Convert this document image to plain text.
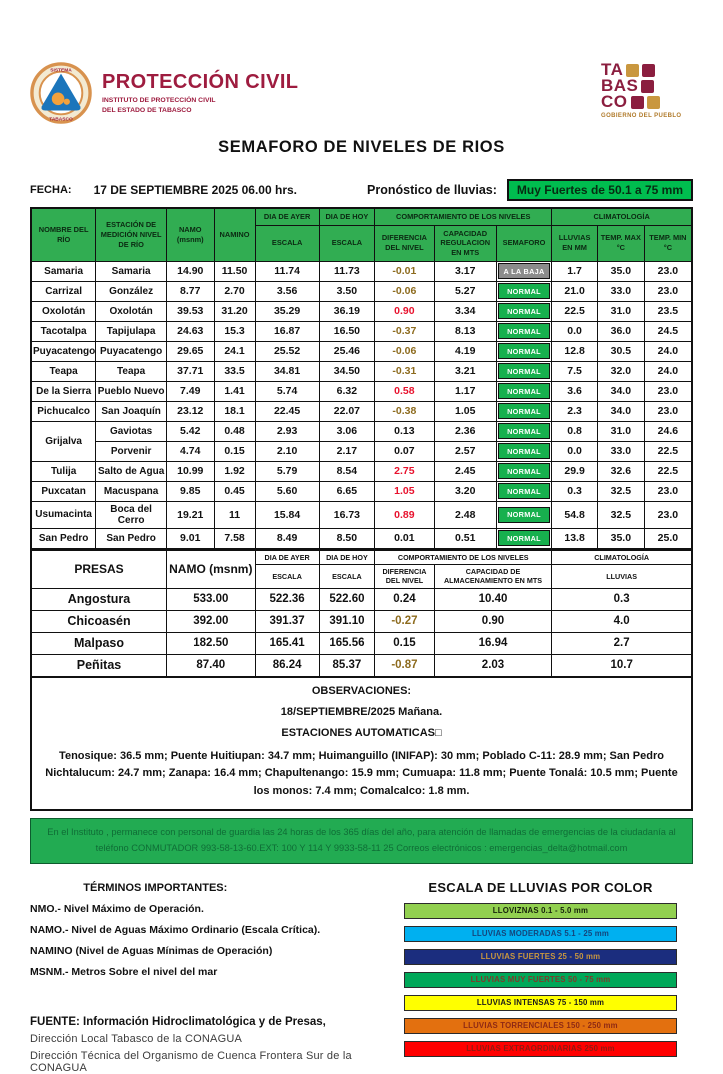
SISTEMA
TABASCO
PROTECCIÓN CIVIL
INSTITUTO DE PROTECCIÓN CIVIL
DEL ESTADO DE TABASCO
TA
BAS
CO
GOBIERNO DEL PUEBLO
SEMAFORO DE NIVELES DE RIOS
FECHA: 17 DE SEPTIEMBRE 2025 06.00 hrs.	Pronóstico de lluvias:	Muy Fuertes de 50.1 a 75 mm
NOMBRE DEL RÍO	ESTACIÓN DE MEDICIÓN NIVEL DE RÍO	NAMO (msnm)	NAMINO	DIA DE AYER	DIA DE HOY	COMPORTAMIENTO DE LOS NIVELES			CLIMATOLOGÍA		
				ESCALA	ESCALA	DIFERENCIA DEL NIVEL	CAPACIDAD REGULACION EN MTS	SEMAFORO	LLUVIAS EN MM	TEMP. MAX °C	TEMP. MIN °C
Samaria	Samaria	14.90	11.50	11.74	11.73	-0.01	3.17	A LA BAJA	1.7	35.0	23.0
Carrizal	González	8.77	2.70	3.56	3.50	-0.06	5.27	NORMAL	21.0	33.0	23.0
Oxolotán	Oxolotán	39.53	31.20	35.29	36.19	0.90	3.34	NORMAL	22.5	31.0	23.5
Tacotalpa	Tapijulapa	24.63	15.3	16.87	16.50	-0.37	8.13	NORMAL	0.0	36.0	24.5
Puyacatengo	Puyacatengo	29.65	24.1	25.52	25.46	-0.06	4.19	NORMAL	12.8	30.5	24.0
Teapa	Teapa	37.71	33.5	34.81	34.50	-0.31	3.21	NORMAL	7.5	32.0	24.0
De la Sierra	Pueblo Nuevo	7.49	1.41	5.74	6.32	0.58	1.17	NORMAL	3.6	34.0	23.0
Pichucalco	San Joaquín	23.12	18.1	22.45	22.07	-0.38	1.05	NORMAL	2.3	34.0	23.0
Grijalva	Gaviotas	5.42	0.48	2.93	3.06	0.13	2.36	NORMAL	0.8	31.0	24.6
	Porvenir	4.74	0.15	2.10	2.17	0.07	2.57	NORMAL	0.0	33.0	22.5
Tulija	Salto de Agua	10.99	1.92	5.79	8.54	2.75	2.45	NORMAL	29.9	32.6	22.5
Puxcatan	Macuspana	9.85	0.45	5.60	6.65	1.05	3.20	NORMAL	0.3	32.5	23.0
Usumacinta	Boca del Cerro	19.21	11	15.84	16.73	0.89	2.48	NORMAL	54.8	32.5	23.0
San Pedro	San Pedro	9.01	7.58	8.49	8.50	0.01	0.51	NORMAL	13.8	35.0	25.0
PRESAS	NAMO (msnm)	DIA DE AYER	DIA DE HOY	COMPORTAMIENTO DE LOS NIVELES		CLIMATOLOGÍA
		ESCALA	ESCALA	DIFERENCIA DEL NIVEL	CAPACIDAD DE ALMACENAMIENTO EN MTS	LLUVIAS
Angostura	533.00	522.36	522.60	0.24	10.40	0.3
Chicoasén	392.00	391.37	391.10	-0.27	0.90	4.0
Malpaso	182.50	165.41	165.56	0.15	16.94	2.7
Peñitas	87.40	86.24	85.37	-0.87	2.03	10.7
OBSERVACIONES:
18/SEPTIEMBRE/2025 Mañana.
ESTACIONES AUTOMATICAS□
Tenosique: 36.5 mm; Puente Huitiupan: 34.7 mm; Huimanguillo (INIFAP): 30 mm; Poblado C-11: 28.9 mm; San Pedro Nichtalucum: 24.7 mm; Zanapa: 16.4 mm; Chapultenango: 15.9 mm; Cumuapa: 11.8 mm; Puente Tonalá: 10.5 mm; Puente los monos: 7.4 mm; Comalcalco: 1.8 mm.
En el Instituto , permanece con personal de guardia las 24 horas de los 365 días del año, para atención de llamadas de emergencias de la ciudadanía al teléfono CONMUTADOR 993-58-13-60.EXT: 100 Y 114 Y 9933-58-11 25 Correos electrónicos : emergencias_delta@hotmail.com
TÉRMINOS IMPORTANTES:
NMO.- Nivel Máximo de Operación.
NAMO.- Nivel de Aguas Máximo Ordinario (Escala Crítica).
NAMINO (Nivel de Aguas Mínimas de Operación)
MSNM.- Metros Sobre el nivel del mar
FUENTE: Información Hidroclimatológica y de Presas,
Dirección Local Tabasco de la CONAGUA
Dirección Técnica del Organismo de Cuenca Frontera Sur de la CONAGUA
ESCALA DE LLUVIAS POR COLOR
LLOVIZNAS 0.1 - 5.0 mm
LLUVIAS MODERADAS 5.1 - 25 mm
LLUVIAS FUERTES 25 - 50 mm
LLUVIAS MUY FUERTES 50 - 75 mm
LLUVIAS INTENSAS 75 - 150 mm
LLUVIAS TORRENCIALES 150 - 250 mm
LLUVIAS EXTRAORDINARIAS 250 mm
